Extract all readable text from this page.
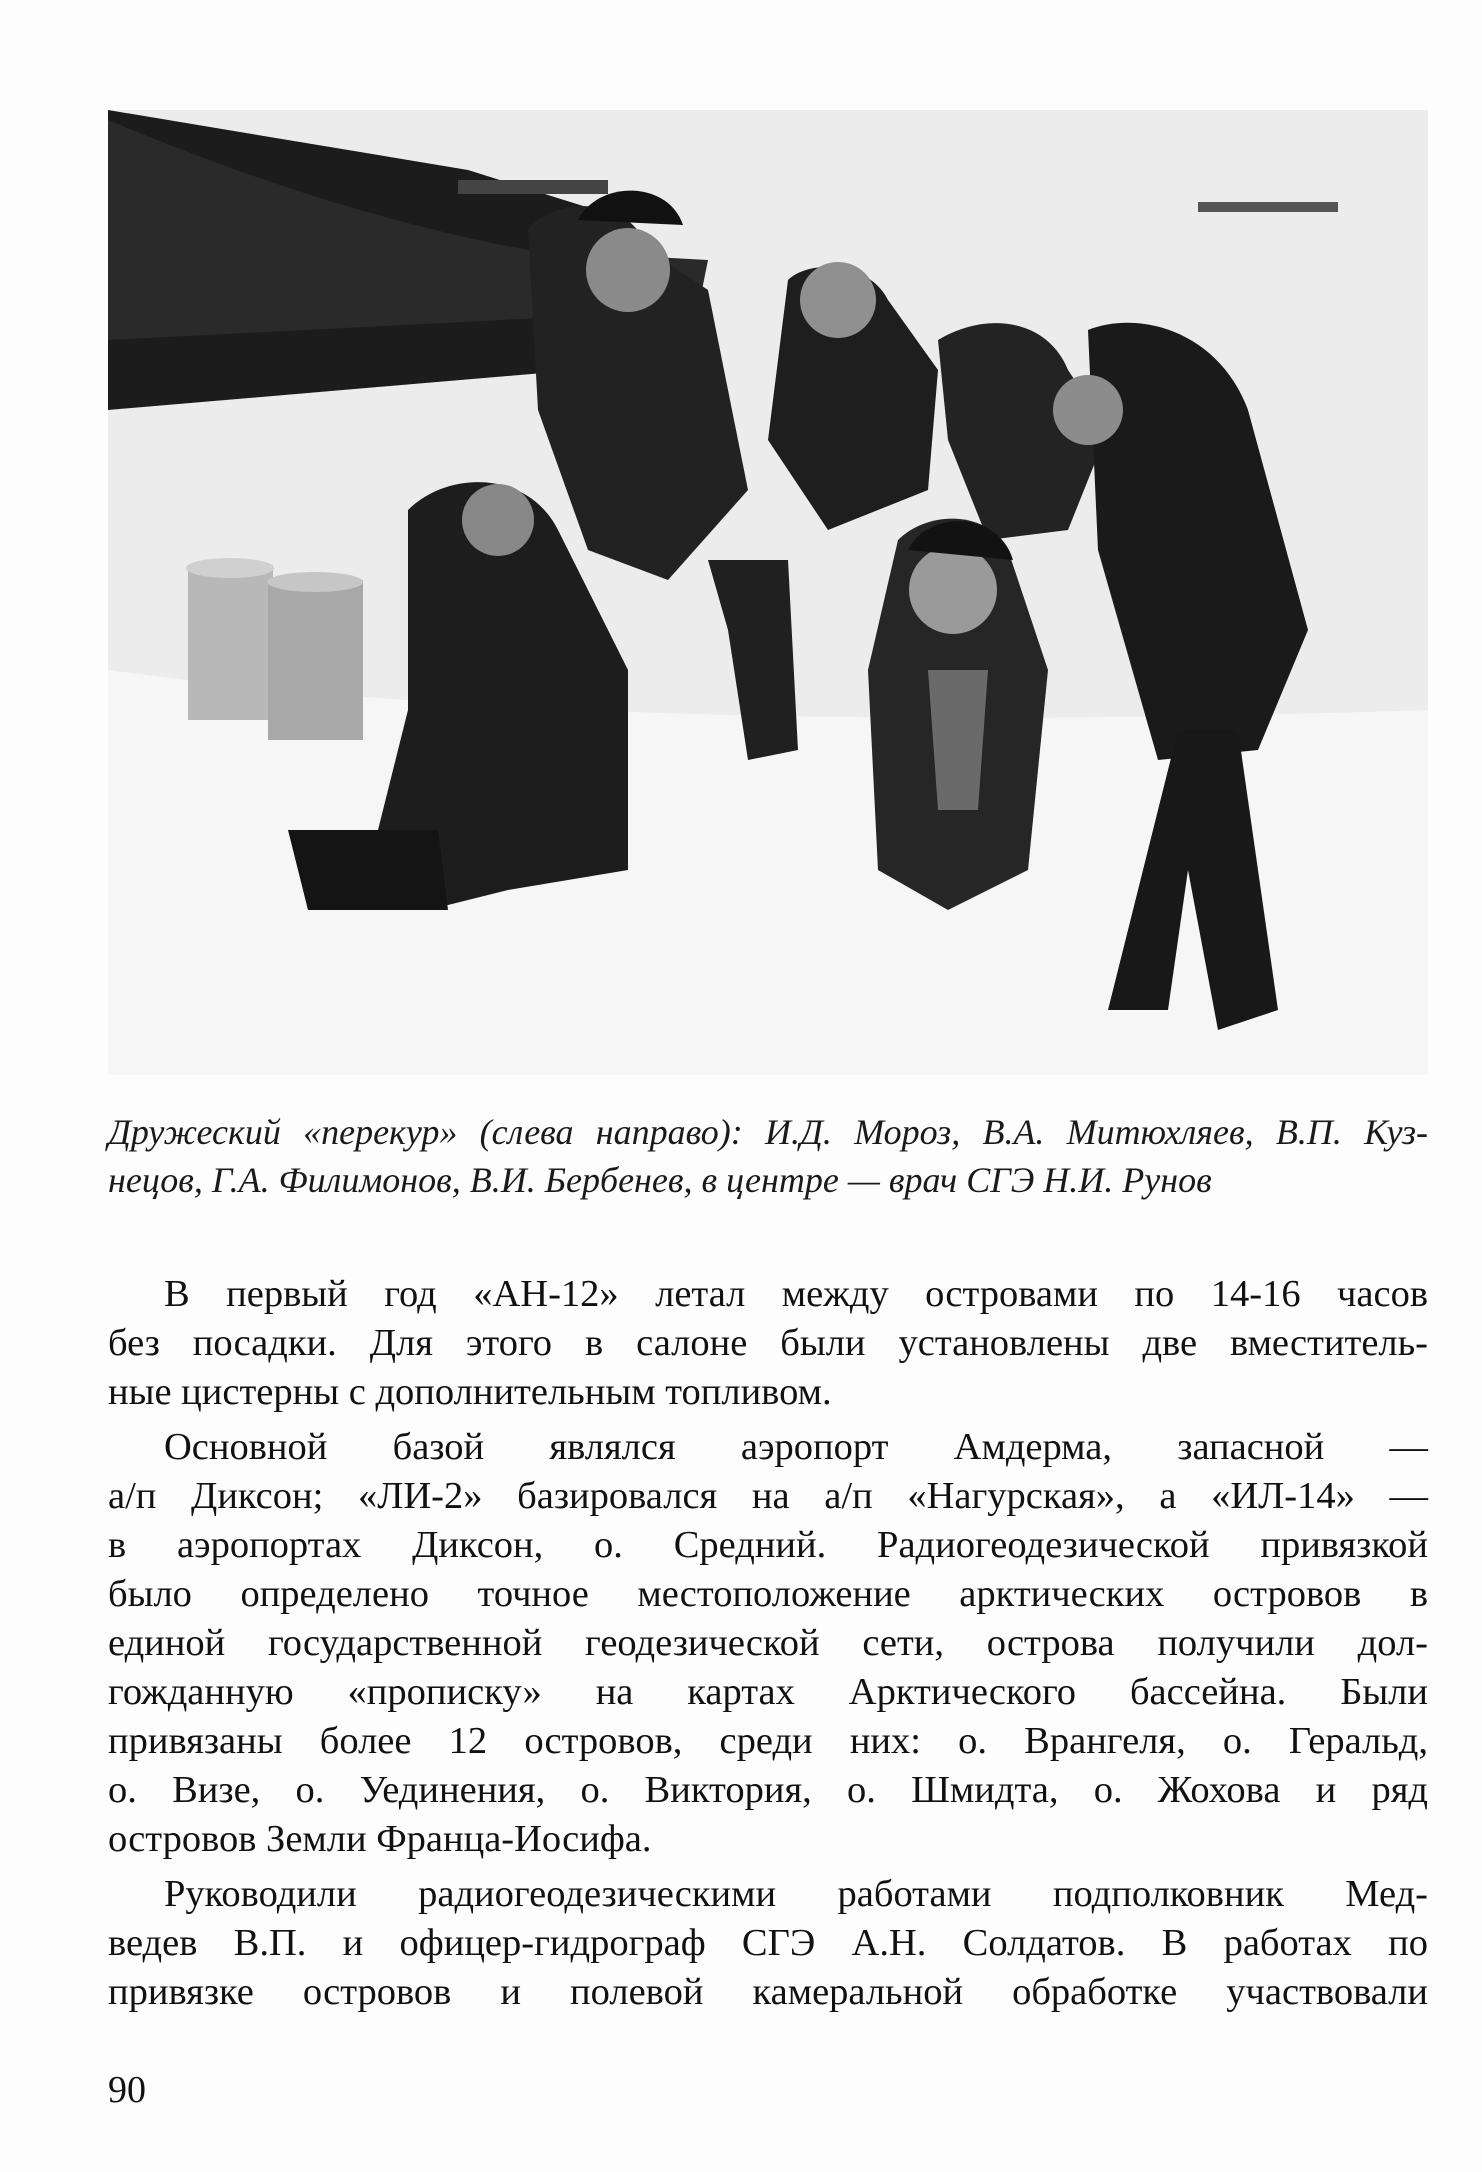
Дружеский «перекур» (слева направо): И.Д. Мороз, В.А. Митюхляев, В.П. Куз-
нецов, Г.А. Филимонов, В.И. Бербенев, в центре — врач СГЭ Н.И. Рунов

В первый год «АН-12» летал между островами по 14-16 часов
без посадки. Для этого в салоне были установлены две вместитель-
ные цистерны с дополнительным топливом.

Основной базой являлся аэропорт Амдерма, запасной —
а/п Диксон; «ЛИ-2» базировался на а/п «Нагурская», а «ИЛ-14» —
в аэропортах Диксон, о. Средний. Радиогеодезической привязкой
было определено точное местоположение арктических островов в
единой государственной геодезической сети, острова получили дол-
гожданную «прописку» на картах Арктического бассейна. Были
привязаны более 12 островов, среди них: о. Врангеля, о. Геральд,
о. Визе, о. Уединения, о. Виктория, о. Шмидта, о. Жохова и ряд
островов Земли Франца-Иосифа.

Руководили радиогеодезическими работами подполковник Мед-
ведев В.П. и офицер-гидрограф СГЭ А.Н. Солдатов. В работах по
привязке островов и полевой камеральной обработке участвовали

90
